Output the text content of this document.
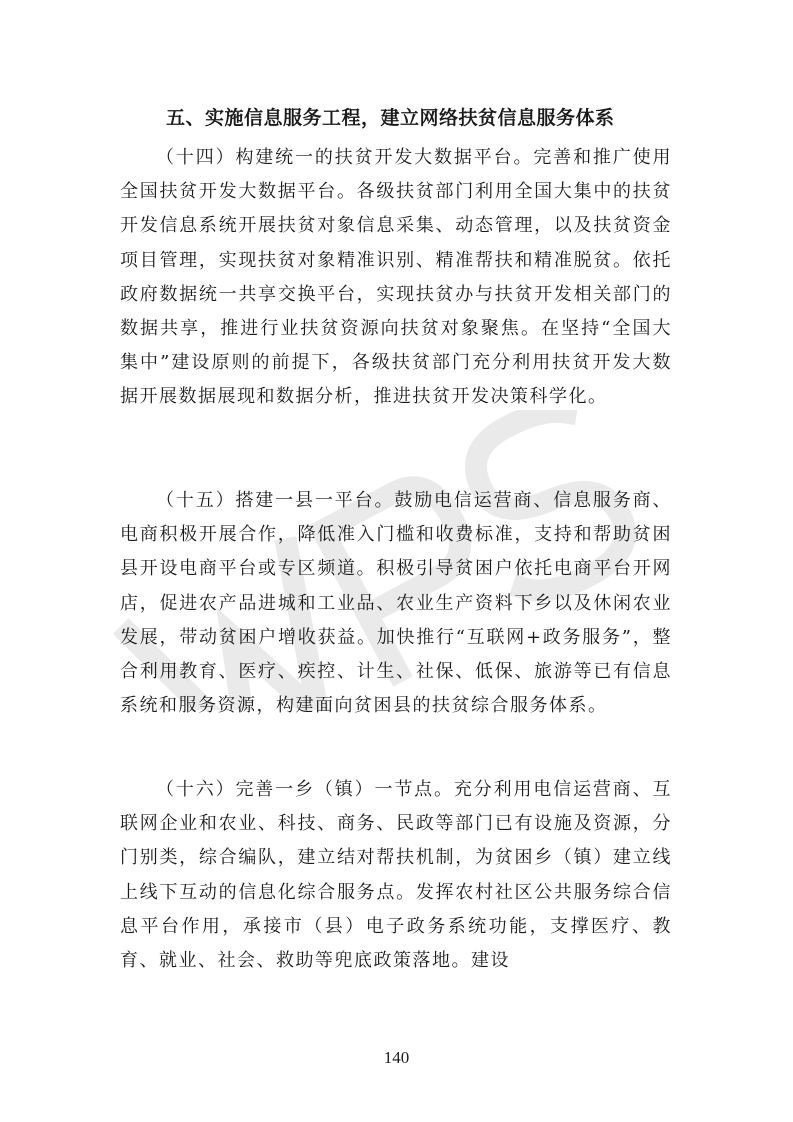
五、实施信息服务工程，建立网络扶贫信息服务体系

（十四）构建统一的扶贫开发大数据平台。完善和推广使用全国扶贫开发大数据平台。各级扶贫部门利用全国大集中的扶贫开发信息系统开展扶贫对象信息采集、动态管理，以及扶贫资金项目管理，实现扶贫对象精准识别、精准帮扶和精准脱贫。依托政府数据统一共享交换平台，实现扶贫办与扶贫开发相关部门的数据共享，推进行业扶贫资源向扶贫对象聚焦。在坚持“全国大集中”建设原则的前提下，各级扶贫部门充分利用扶贫开发大数据开展数据展现和数据分析，推进扶贫开发决策科学化。

（十五）搭建一县一平台。鼓励电信运营商、信息服务商、电商积极开展合作，降低准入门槛和收费标准，支持和帮助贫困县开设电商平台或专区频道。积极引导贫困户依托电商平台开网店，促进农产品进城和工业品、农业生产资料下乡以及休闲农业发展，带动贫困户增收获益。加快推行“互联网+政务服务”，整合利用教育、医疗、疾控、计生、社保、低保、旅游等已有信息系统和服务资源，构建面向贫困县的扶贫综合服务体系。

（十六）完善一乡（镇）一节点。充分利用电信运营商、互联网企业和农业、科技、商务、民政等部门已有设施及资源，分门别类，综合编队，建立结对帮扶机制，为贫困乡（镇）建立线上线下互动的信息化综合服务点。发挥农村社区公共服务综合信息平台作用，承接市（县）电子政务系统功能，支撑医疗、教育、就业、社会、救助等兜底政策落地。建设

140
